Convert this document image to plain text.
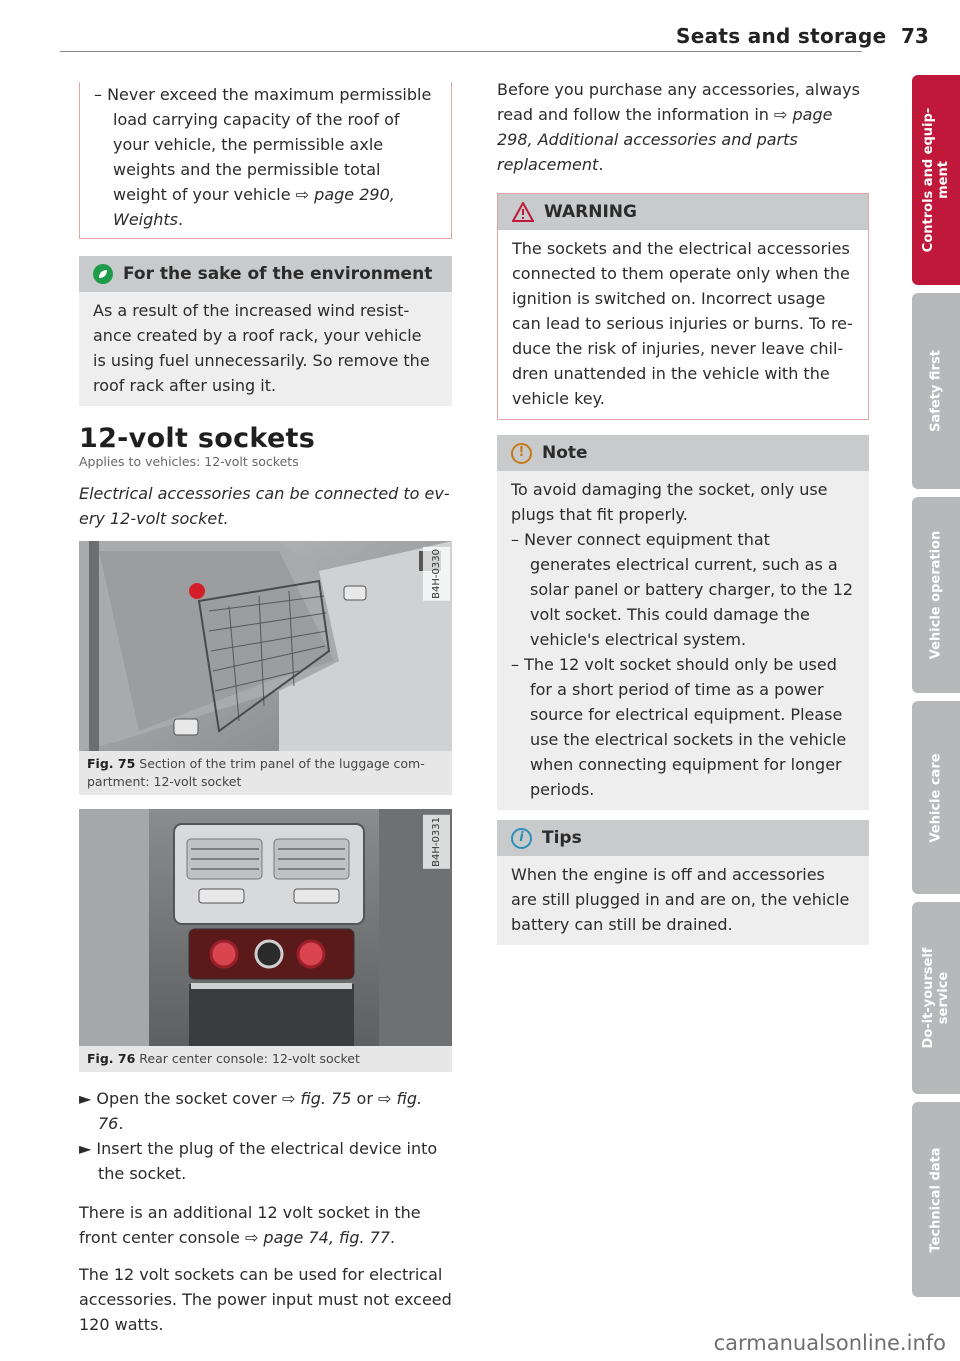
Seats and storage 73

– Never exceed the maximum permissible load carrying capacity of the roof of your vehicle, the permissible axle weights and the permissible total weight of your vehicle ⇨ page 290, Weights.

For the sake of the environment

As a result of the increased wind resistance created by a roof rack, your vehicle is using fuel unnecessarily. So remove the roof rack after using it.

12-volt sockets
Applies to vehicles: 12-volt sockets

Electrical accessories can be connected to every 12-volt socket.

B4H-0330
Fig. 75 Section of the trim panel of the luggage compartment: 12-volt socket
B4H-0331
Fig. 76 Rear center console: 12-volt socket

► Open the socket cover ⇨ fig. 75 or ⇨ fig. 76.

► Insert the plug of the electrical device into the socket.

There is an additional 12 volt socket in the front center console ⇨ page 74, fig. 77.

The 12 volt sockets can be used for electrical accessories. The power input must not exceed 120 watts.

Before you purchase any accessories, always read and follow the information in ⇨ page 298, Additional accessories and parts replacement.

WARNING

The sockets and the electrical accessories connected to them operate only when the ignition is switched on. Incorrect usage can lead to serious injuries or burns. To reduce the risk of injuries, never leave children unattended in the vehicle with the vehicle key.

!	Note

To avoid damaging the socket, only use plugs that fit properly.

– Never connect equipment that generates electrical current, such as a solar panel or battery charger, to the 12 volt socket. This could damage the vehicle's electrical system.

– The 12 volt socket should only be used for a short period of time as a power source for electrical equipment. Please use the electrical sockets in the vehicle when connecting equipment for longer periods.

i	Tips

When the engine is off and accessories are still plugged in and are on, the vehicle battery can still be drained.

Controls and equip-
ment
Safety first
Vehicle operation
Vehicle care
Do-it-yourself
service
Technical data
carmanualsonline.info
